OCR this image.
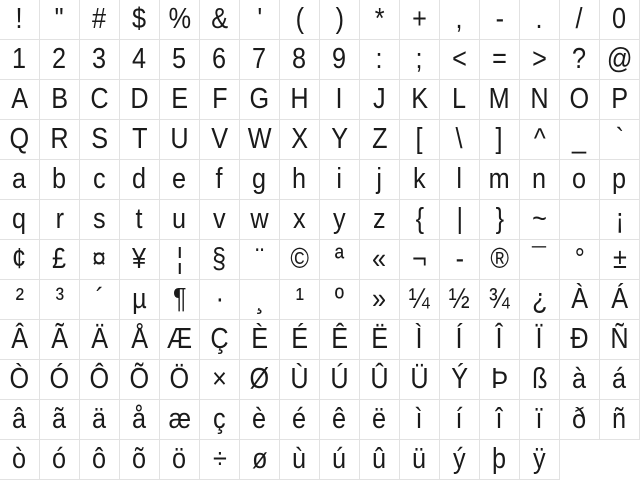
! " # $ % & ' ( ) * + , - . / 0
1 2 3 4 5 6 7 8 9 : ; < = > ? @
A B C D E F G H I J K L M N O P
Q R S T U V W X Y Z [ \ ] ^ _ `
a b c d e f g h i j k l m n o p
q r s t u v w x y z { | } ~ ¡
¢ £ ¤ ¥ ¦ § ¨ © ª « ¬ - ® ¯ ° ±
² ³ ´ µ ¶ · ¸ ¹ º » ¼ ½ ¾ ¿ À Á
Â Ã Ä Å Æ Ç È É Ê Ë Ì Í Î Ï Ð Ñ
Ò Ó Ô Õ Ö × Ø Ù Ú Û Ü Ý Þ ß à á
â ã ä å æ ç è é ê ë ì í î ï ð ñ
ò ó ô õ ö ÷ ø ù ú û ü ý þ ÿ
